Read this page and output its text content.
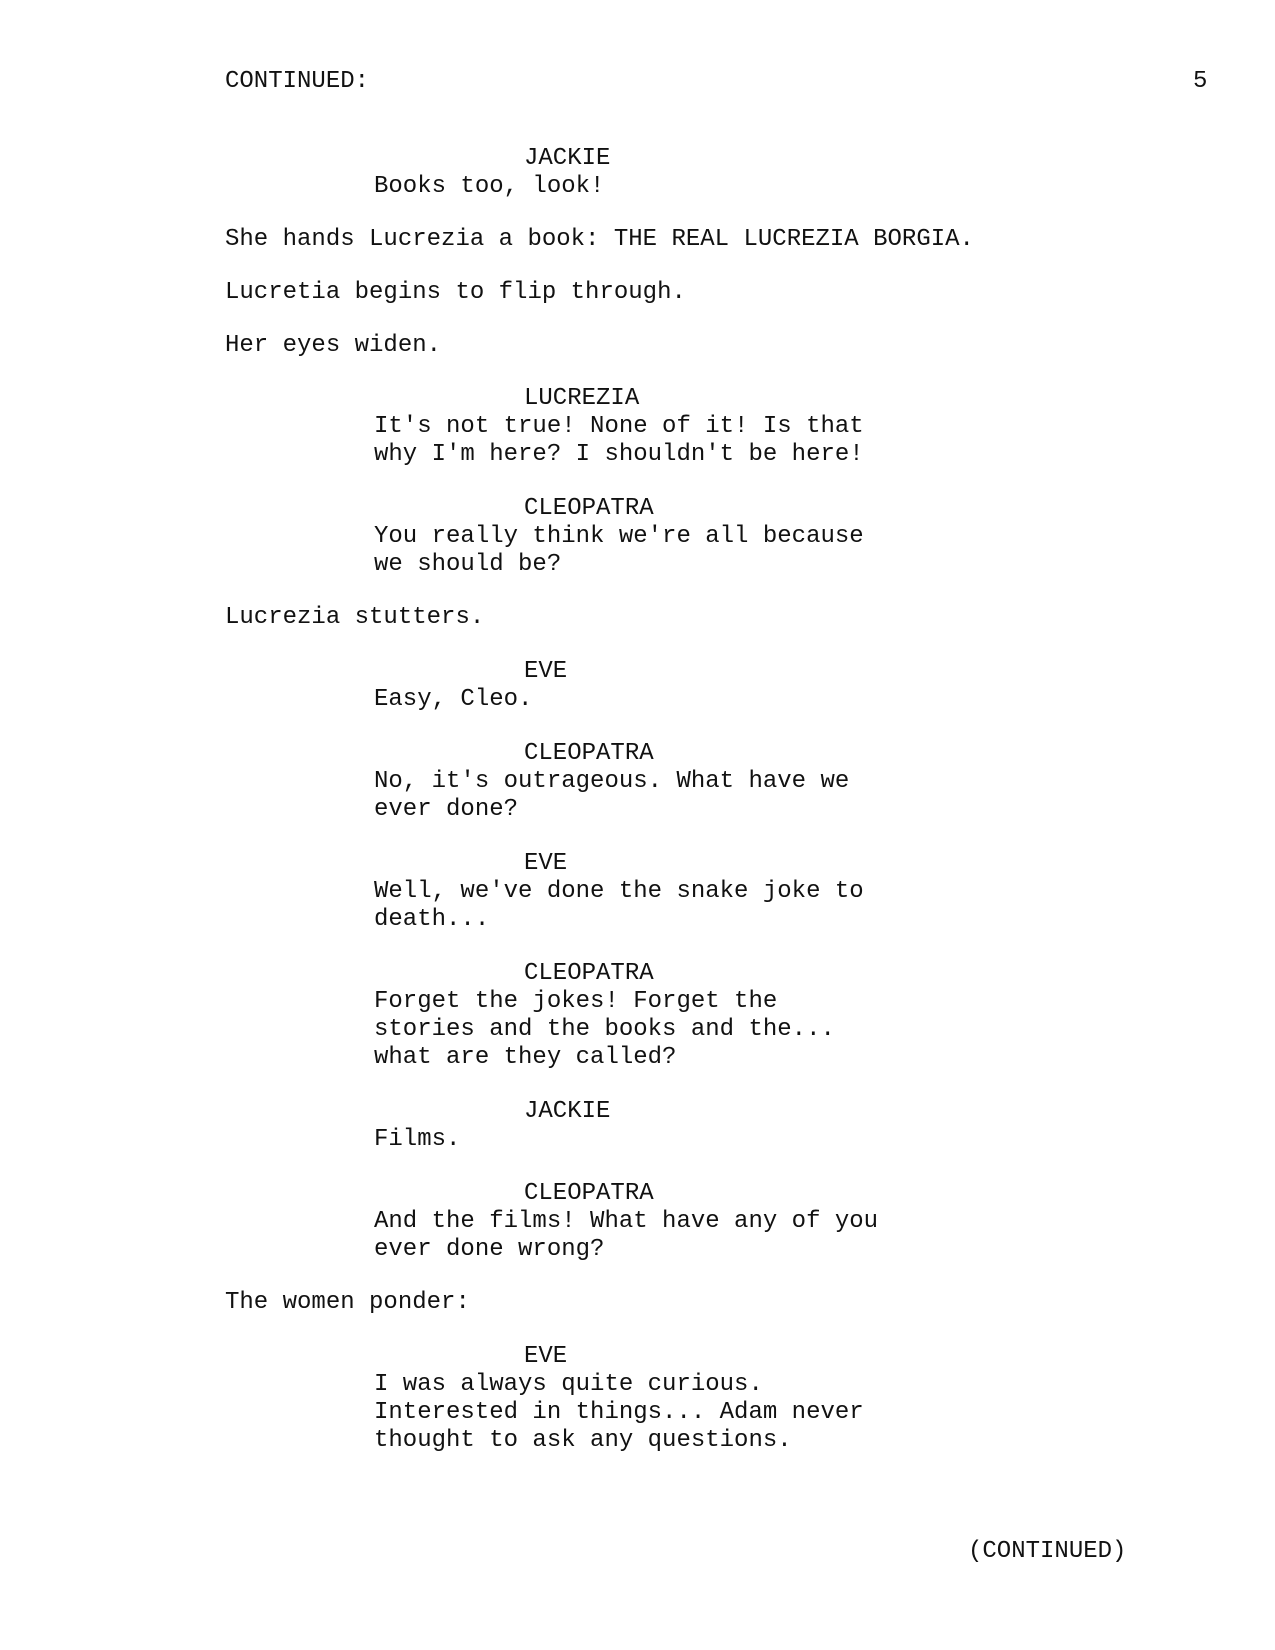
CONTINUED:	5
JACKIE
Books too, look!
She hands Lucrezia a book: THE REAL LUCREZIA BORGIA.
Lucretia begins to flip through.
Her eyes widen.
LUCREZIA
It's not true! None of it! Is that
why I'm here? I shouldn't be here!
CLEOPATRA
You really think we're all because
we should be?
Lucrezia stutters.
EVE
Easy, Cleo.
CLEOPATRA
No, it's outrageous. What have we
ever done?
EVE
Well, we've done the snake joke to
death...
CLEOPATRA
Forget the jokes! Forget the
stories and the books and the...
what are they called?
JACKIE
Films.
CLEOPATRA
And the films! What have any of you
ever done wrong?
The women ponder:
EVE
I was always quite curious.
Interested in things... Adam never
thought to ask any questions.
(CONTINUED)
